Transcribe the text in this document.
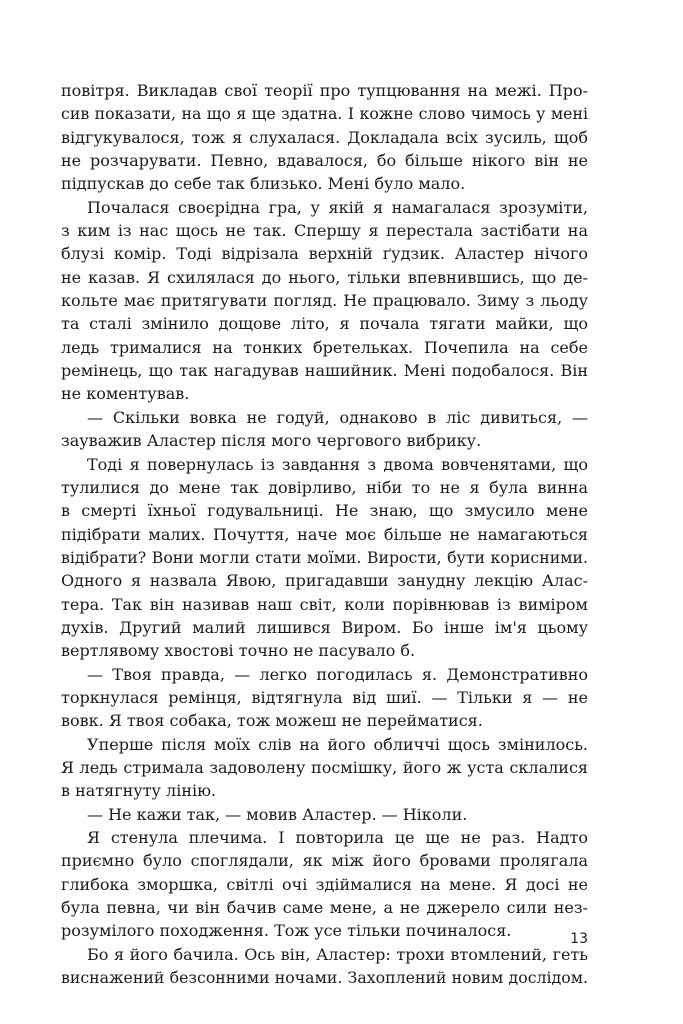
повітря. Викладав свої теорії про тупцювання на межі. Про-
сив показати, на що я ще здатна. І кожне слово чимось у мені
відгукувалося, тож я слухалася. Докладала всіх зусиль, щоб
не розчарувати. Певно, вдавалося, бо більше нікого він не
підпускав до себе так близько. Мені було мало.
Почалася своєрідна гра, у якій я намагалася зрозуміти,
з ким із нас щось не так. Спершу я перестала застібати на
блузі комір. Тоді відрізала верхній ґудзик. Аластер нічого
не казав. Я схилялася до нього, тільки впевнившись, що де-
кольте має притягувати погляд. Не працювало. Зиму з льоду
та сталі змінило дощове літо, я почала тягати майки, що
ледь трималися на тонких бретельках. Почепила на себе
ремінець, що так нагадував нашийник. Мені подобалося. Він
не коментував.
— Скільки вовка не годуй, однаково в ліс дивиться, —
зауважив Аластер після мого чергового вибрику.
Тоді я повернулась із завдання з двома вовченятами, що
тулилися до мене так довірливо, ніби то не я була винна
в смерті їхньої годувальниці. Не знаю, що змусило мене
підібрати малих. Почуття, наче моє більше не намагаються
відібрати? Вони могли стати моїми. Вирости, бути корисними.
Одного я назвала Явою, пригадавши занудну лекцію Алас-
тера. Так він називав наш світ, коли порівнював із виміром
духів. Другий малий лишився Виром. Бо інше ім'я цьому
вертлявому хвостові точно не пасувало б.
— Твоя правда, — легко погодилась я. Демонстративно
торкнулася ремінця, відтягнула від шиї. — Тільки я — не
вовк. Я твоя собака, тож можеш не перейматися.
Уперше після моїх слів на його обличчі щось змінилось.
Я ледь стримала задоволену посмішку, його ж уста склалися
в натягнуту лінію.
— Не кажи так, — мовив Аластер. — Ніколи.
Я стенула плечима. І повторила це ще не раз. Надто
приємно було споглядали, як між його бровами пролягала
глибока зморшка, світлі очі здіймалися на мене. Я досі не
була певна, чи він бачив саме мене, а не джерело сили нез-
розумілого походження. Тож усе тільки починалося.
Бо я його бачила. Ось він, Аластер: трохи втомлений, геть
виснажений безсонними ночами. Захоплений новим дослідом.
13
